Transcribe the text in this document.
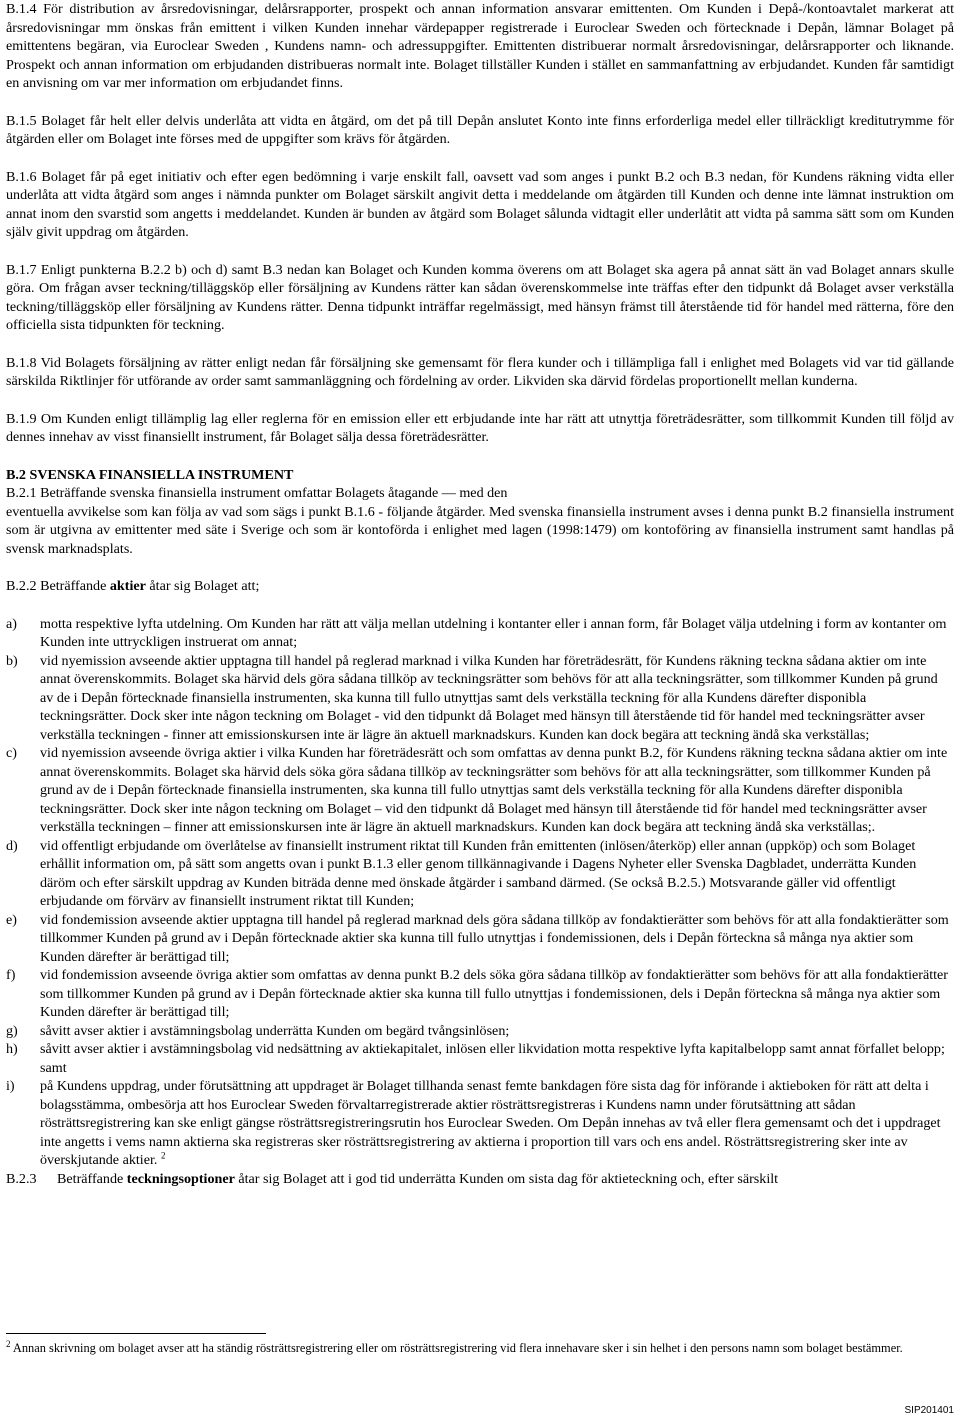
B.1.4 För distribution av årsredovisningar, delårsrapporter, prospekt och annan information ansvarar emittenten. Om Kunden i Depå-/kontoavtalet markerat att årsredovisningar mm önskas från emittent i vilken Kunden innehar värdepapper registrerade i Euroclear Sweden och förtecknade i Depån, lämnar Bolaget på emittentens begäran, via Euroclear Sweden , Kundens namn- och adressuppgifter. Emittenten distribuerar normalt årsredovisningar, delårsrapporter och liknande. Prospekt och annan information om erbjudanden distribueras normalt inte. Bolaget tillställer Kunden i stället en sammanfattning av erbjudandet. Kunden får samtidigt en anvisning om var mer information om erbjudandet finns.

B.1.5 Bolaget får helt eller delvis underlåta att vidta en åtgärd, om det på till Depån anslutet Konto inte finns erforderliga medel eller tillräckligt kreditutrymme för åtgärden eller om Bolaget inte förses med de uppgifter som krävs för åtgärden.

B.1.6 Bolaget får på eget initiativ och efter egen bedömning i varje enskilt fall, oavsett vad som anges i punkt B.2 och B.3 nedan, för Kundens räkning vidta eller underlåta att vidta åtgärd som anges i nämnda punkter om Bolaget särskilt angivit detta i meddelande om åtgärden till Kunden och denne inte lämnat instruktion om annat inom den svarstid som angetts i meddelandet. Kunden är bunden av åtgärd som Bolaget sålunda vidtagit eller underlåtit att vidta på samma sätt som om Kunden själv givit uppdrag om åtgärden.

B.1.7 Enligt punkterna B.2.2 b) och d) samt B.3 nedan kan Bolaget och Kunden komma överens om att Bolaget ska agera på annat sätt än vad Bolaget annars skulle göra. Om frågan avser teckning/tilläggsköp eller försäljning av Kundens rätter kan sådan överenskommelse inte träffas efter den tidpunkt då Bolaget avser verkställa teckning/tilläggsköp eller försäljning av Kundens rätter. Denna tidpunkt inträffar regelmässigt, med hänsyn främst till återstående tid för handel med rätterna, före den officiella sista tidpunkten för teckning.

B.1.8 Vid Bolagets försäljning av rätter enligt nedan får försäljning ske gemensamt för flera kunder och i tillämpliga fall i enlighet med Bolagets vid var tid gällande särskilda Riktlinjer för utförande av order samt sammanläggning och fördelning av order. Likviden ska därvid fördelas proportionellt mellan kunderna.

B.1.9 Om Kunden enligt tillämplig lag eller reglerna för en emission eller ett erbjudande inte har rätt att utnyttja företrädesrätter, som tillkommit Kunden till följd av dennes innehav av visst finansiellt instrument, får Bolaget sälja dessa företrädesrätter.

B.2 SVENSKA FINANSIELLA INSTRUMENT
B.2.1 Beträffande svenska finansiella instrument omfattar Bolagets åtagande — med den

eventuella avvikelse som kan följa av vad som sägs i punkt B.1.6 - följande åtgärder. Med svenska finansiella instrument avses i denna punkt B.2 finansiella instrument som är utgivna av emittenter med säte i Sverige och som är kontoförda i enlighet med lagen (1998:1479) om kontoföring av finansiella instrument samt handlas på svensk marknadsplats.

B.2.2 Beträffande aktier åtar sig Bolaget att;

a) motta respektive lyfta utdelning. Om Kunden har rätt att välja mellan utdelning i kontanter eller i annan form, får Bolaget välja utdelning i form av kontanter om Kunden inte uttryckligen instruerat om annat;
b) vid nyemission avseende aktier upptagna till handel på reglerad marknad i vilka Kunden har företrädesrätt, för Kundens räkning teckna sådana aktier om inte annat överenskommits. Bolaget ska härvid dels göra sådana tillköp av teckningsrätter som behövs för att alla teckningsrätter, som tillkommer Kunden på grund av de i Depån förtecknade finansiella instrumenten, ska kunna till fullo utnyttjas samt dels verkställa teckning för alla Kundens därefter disponibla teckningsrätter. Dock sker inte någon teckning om Bolaget - vid den tidpunkt då Bolaget med hänsyn till återstående tid för handel med teckningsrätter avser verkställa teckningen - finner att emissionskursen inte är lägre än aktuell marknadskurs. Kunden kan dock begära att teckning ändå ska verkställas;
c) vid nyemission avseende övriga aktier i vilka Kunden har företrädesrätt och som omfattas av denna punkt B.2, för Kundens räkning teckna sådana aktier om inte annat överenskommits. Bolaget ska härvid dels söka göra sådana tillköp av teckningsrätter som behövs för att alla teckningsrätter, som tillkommer Kunden på grund av de i Depån förtecknade finansiella instrumenten, ska kunna till fullo utnyttjas samt dels verkställa teckning för alla Kundens därefter disponibla teckningsrätter. Dock sker inte någon teckning om Bolaget – vid den tidpunkt då Bolaget med hänsyn till återstående tid för handel med teckningsrätter avser verkställa teckningen – finner att emissionskursen inte är lägre än aktuell marknadskurs. Kunden kan dock begära att teckning ändå ska verkställas;.
d) vid offentligt erbjudande om överlåtelse av finansiellt instrument riktat till Kunden från emittenten (inlösen/återköp) eller annan (uppköp) och som Bolaget erhållit information om, på sätt som angetts ovan i punkt B.1.3 eller genom tillkännagivande i Dagens Nyheter eller Svenska Dagbladet, underrätta Kunden däröm och efter särskilt uppdrag av Kunden biträda denne med önskade åtgärder i samband därmed. (Se också B.2.5.) Motsvarande gäller vid offentligt erbjudande om förvärv av finansiellt instrument riktat till Kunden;
e) vid fondemission avseende aktier upptagna till handel på reglerad marknad dels göra sådana tillköp av fondaktierätter som behövs för att alla fondaktierätter som tillkommer Kunden på grund av i Depån förtecknade aktier ska kunna till fullo utnyttjas i fondemissionen, dels i Depån förteckna så många nya aktier som Kunden därefter är berättigad till;
f) vid fondemission avseende övriga aktier som omfattas av denna punkt B.2 dels söka göra sådana tillköp av fondaktierätter som behövs för att alla fondaktierätter som tillkommer Kunden på grund av i Depån förtecknade aktier ska kunna till fullo utnyttjas i fondemissionen, dels i Depån förteckna så många nya aktier som Kunden därefter är berättigad till;
g) såvitt avser aktier i avstämningsbolag underrätta Kunden om begärd tvångsinlösen;
h) såvitt avser aktier i avstämningsbolag vid nedsättning av aktiekapitalet, inlösen eller likvidation motta respektive lyfta kapitalbelopp samt annat förfallet belopp; samt
i) på Kundens uppdrag, under förutsättning att uppdraget är Bolaget tillhanda senast femte bankdagen före sista dag för införande i aktieboken för rätt att delta i bolagsstämma, ombesörja att hos Euroclear Sweden förvaltarregistrerade aktier rösträttsregistreras i Kundens namn under förutsättning att sådan rösträttsregistrering kan ske enligt gängse rösträttsregistreringsrutin hos Euroclear Sweden. Om Depån innehas av två eller flera gemensamt och det i uppdraget inte angetts i vems namn aktierna ska registreras sker rösträttsregistrering av aktierna i proportion till vars och ens andel. Rösträttsregistrering sker inte av överskjutande aktier. $^2$
B.2.3 Beträffande teckningsoptioner åtar sig Bolaget att i god tid underrätta Kunden om sista dag för aktieteckning och, efter särskilt
$^2$ Annan skrivning om bolaget avser att ha ständig rösträttsregistrering eller om rösträttsregistrering vid flera innehavare sker i sin helhet i den persons namn som bolaget bestämmer.
SIP201401
